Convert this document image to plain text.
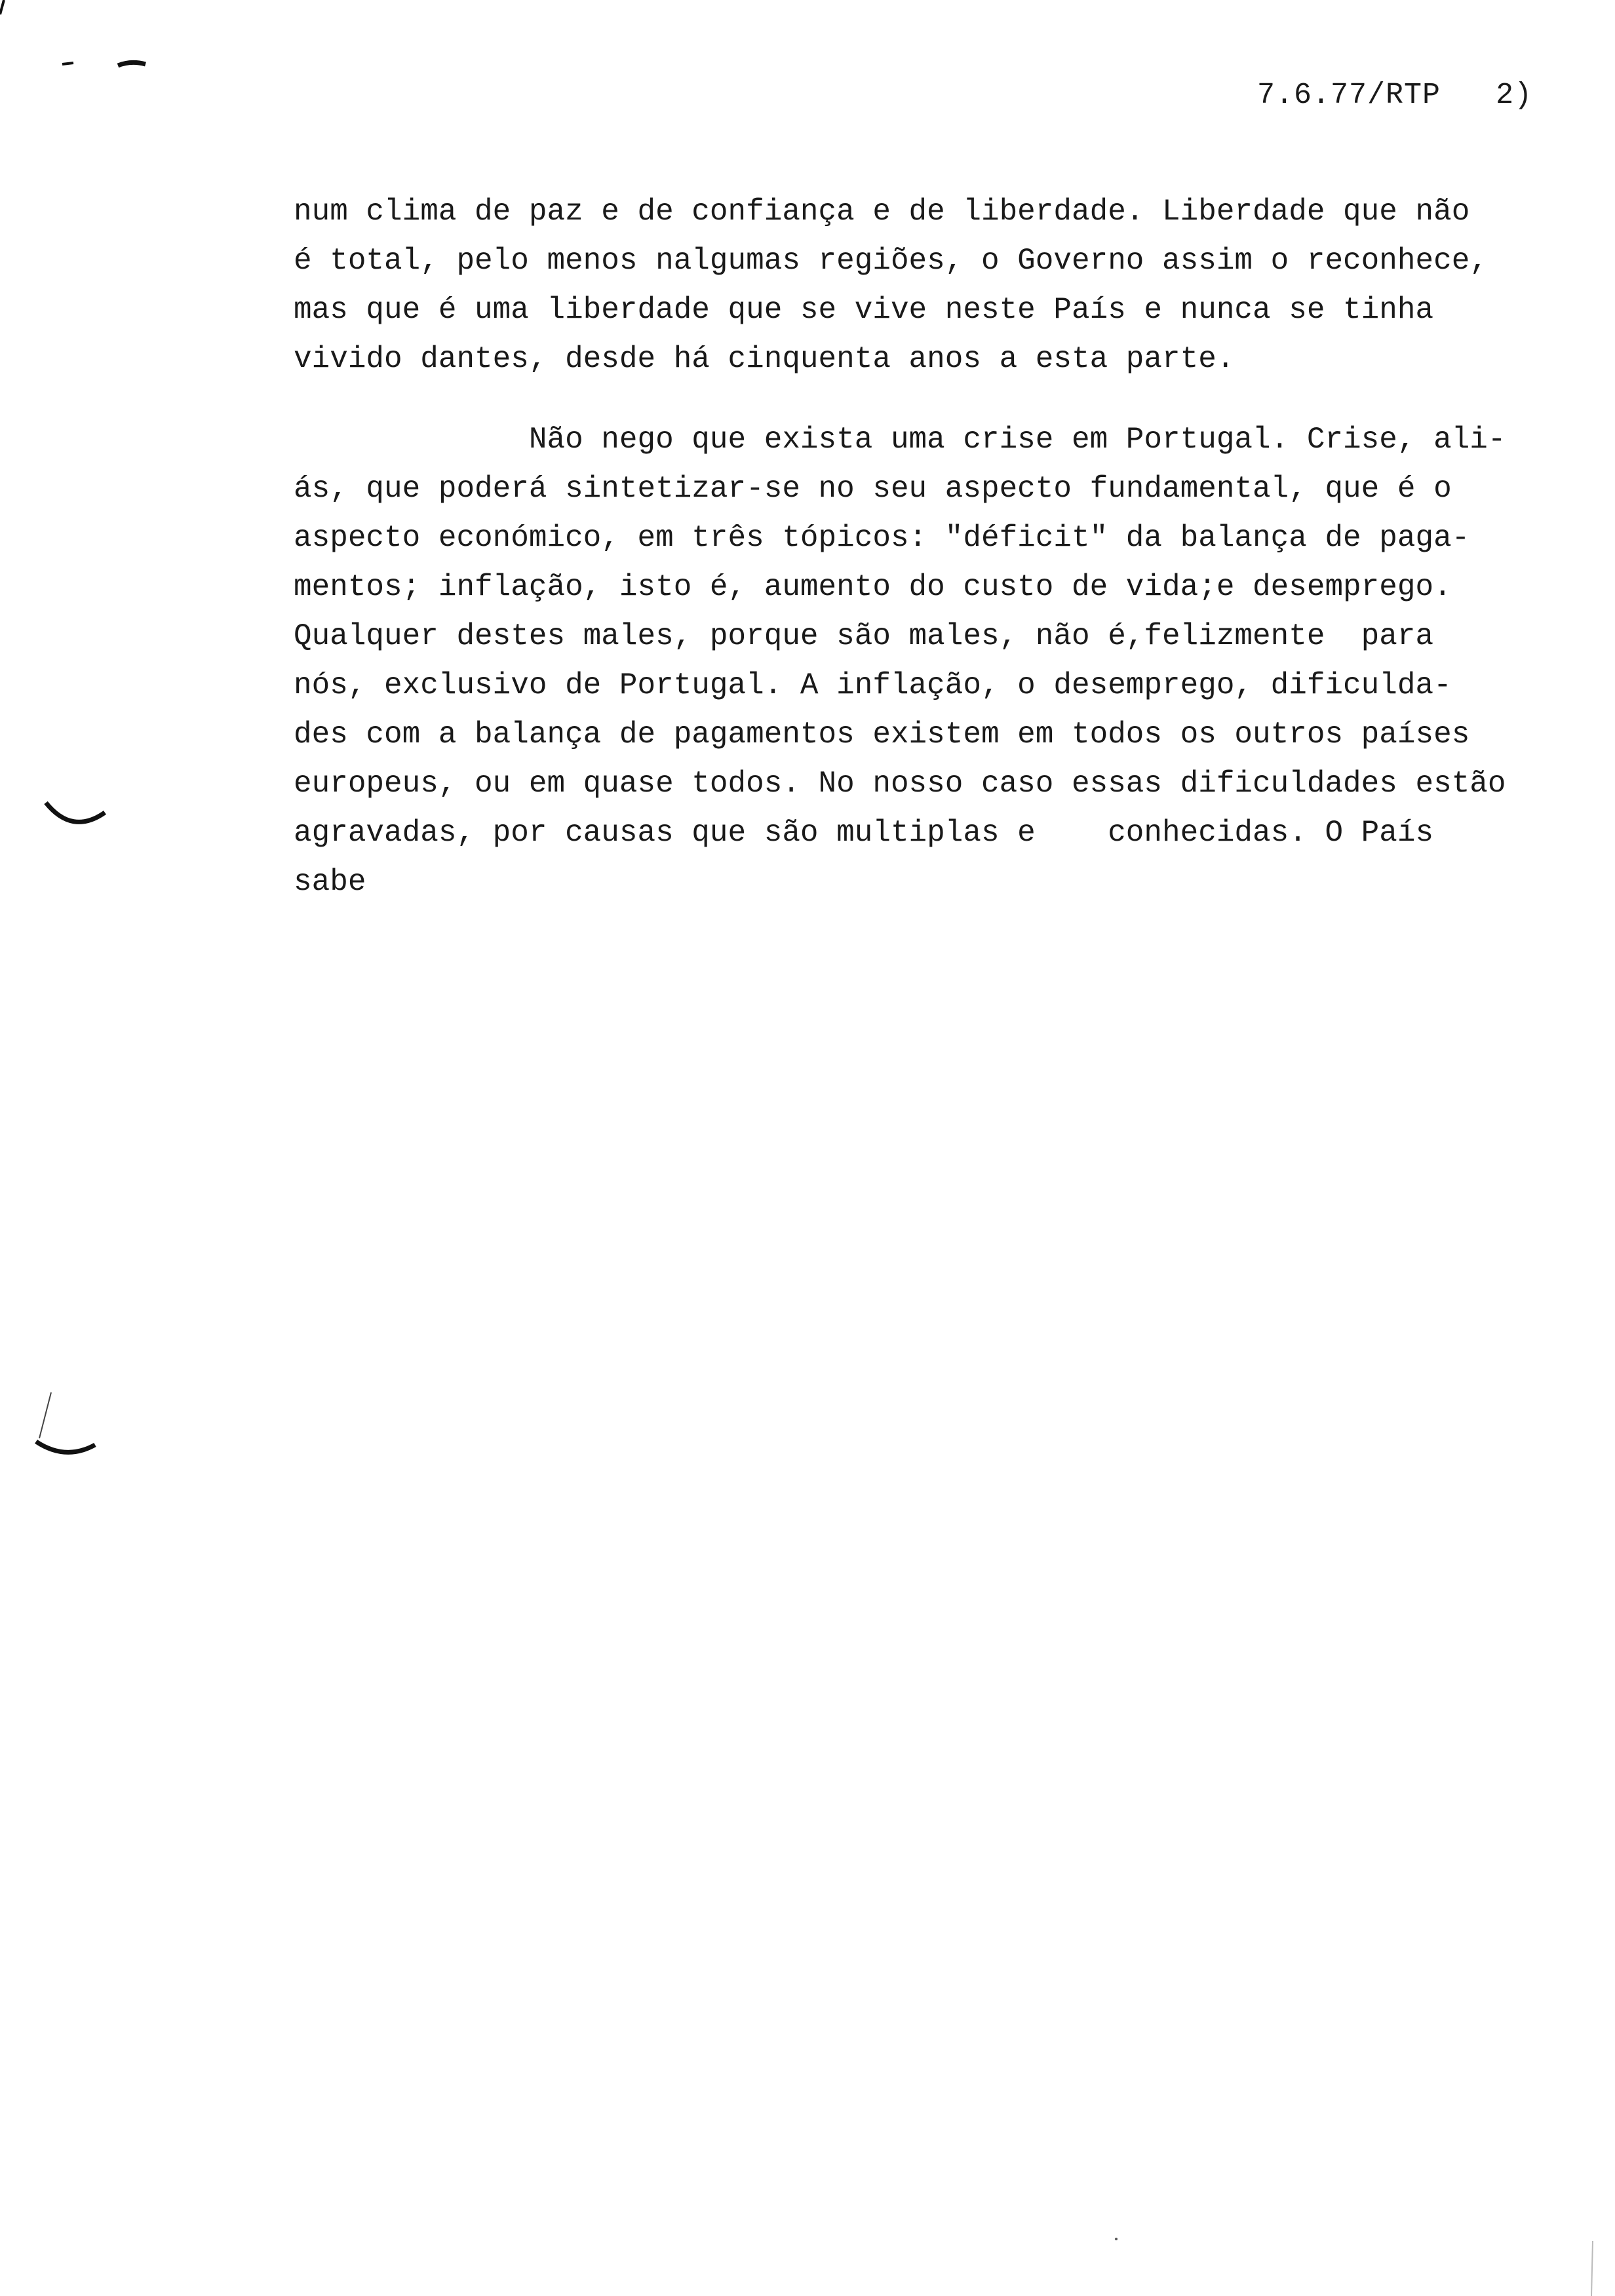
7.6.77/RTP 2)
num clima de paz e de confiança e de liberdade. Liberdade que não
é total, pelo menos nalgumas regiões, o Governo assim o reconhece,
mas que é uma liberdade que se vive neste País e nunca se tinha
vivido dantes, desde há cinquenta anos a esta parte.
Não nego que exista uma crise em Portugal. Crise, ali-
ás, que poderá sintetizar-se no seu aspecto fundamental, que é o
aspecto económico, em três tópicos: "déficit" da balança de paga-
mentos; inflação, isto é, aumento do custo de vida;e desemprego.
Qualquer destes males, porque são males, não é,felizmente  para
nós, exclusivo de Portugal. A inflação, o desemprego, dificulda-
des com a balança de pagamentos existem em todos os outros países
europeus, ou em quase todos. No nosso caso essas dificuldades estão
agravadas, por causas que são multiplas e    conhecidas. O País
sabe
